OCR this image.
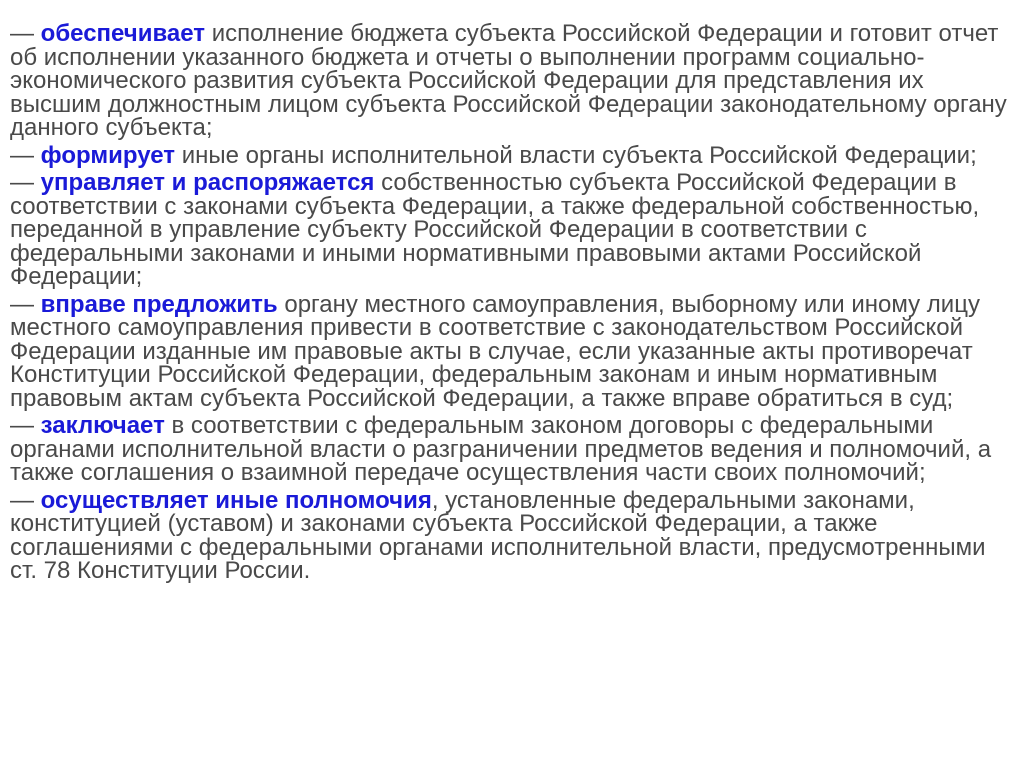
— обеспечивает исполнение бюджета субъекта Российской Федерации и готовит отчет об исполнении указанного бюджета и отчеты о выполнении программ социально-экономического развития субъекта Российской Федерации для представления их высшим должностным лицом субъекта Российской Федерации законодательному органу данного субъекта;

— формирует иные органы исполнительной власти субъекта Российской Федерации;

— управляет и распоряжается собственностью субъекта Российской Федерации в соответствии с законами субъекта Федерации, а также федеральной собственностью, переданной в управление субъекту Российской Федерации в соответствии с федеральными законами и иными нормативными правовыми актами Российской Федерации;

— вправе предложить органу местного самоуправления, выборному или иному лицу местного самоуправления привести в соответствие с законодательством Российской Федерации изданные им правовые акты в случае, если указанные акты противоречат Конституции Российской Федерации, федеральным законам и иным нормативным правовым актам субъекта Российской Федерации, а также вправе обратиться в суд;

— заключает в соответствии с федеральным законом договоры с федеральными органами исполнительной власти о разграничении предметов ведения и полномочий, а также соглашения о взаимной передаче осуществления части своих полномочий;

— осуществляет иные полномочия, установленные федеральными законами, конституцией (уставом) и законами субъекта Российской Федерации, а также соглашениями с федеральными органами исполнительной власти, предусмотренными ст. 78 Конституции России.
